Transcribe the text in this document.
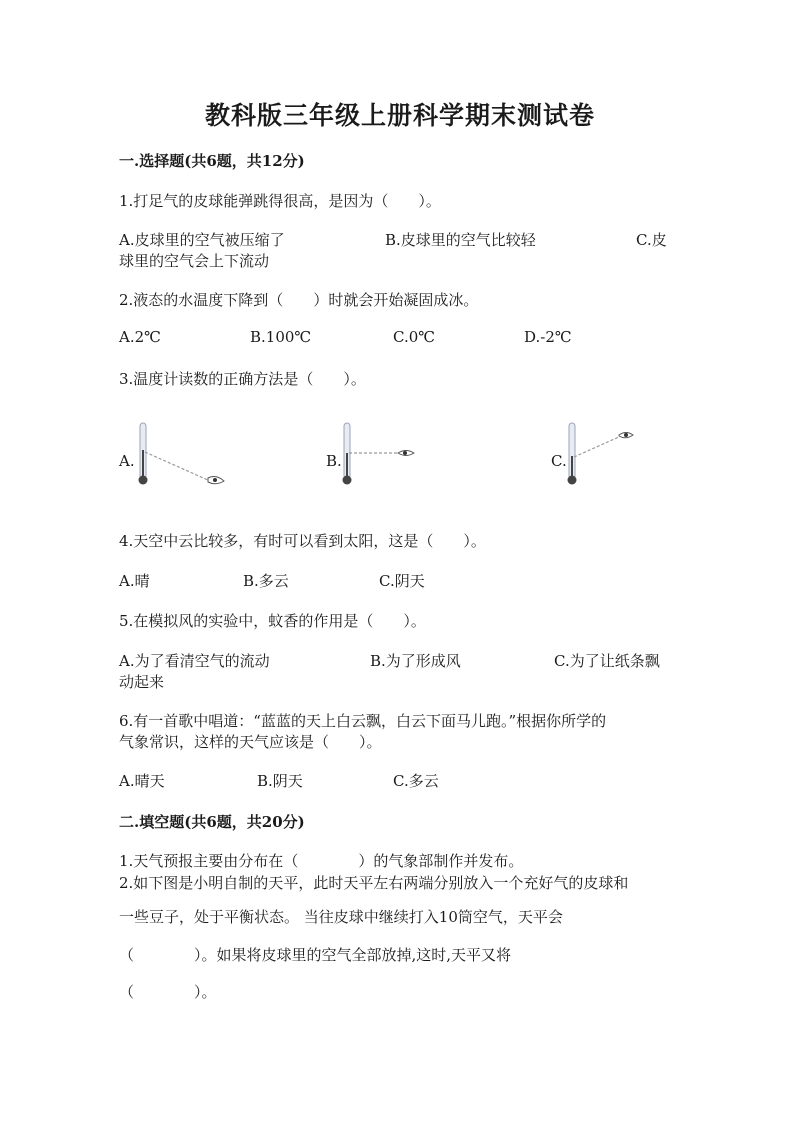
教科版三年级上册科学期末测试卷
一.选择题(共6题，共12分)
1.打足气的皮球能弹跳得很高，是因为（　　）。
A.皮球里的空气被压缩了	B.皮球里的空气比较轻	C.皮
球里的空气会上下流动
2.液态的水温度下降到（　　）时就会开始凝固成冰。
A.2℃	B.100℃	C.0℃	D.-2℃
3.温度计读数的正确方法是（　　）。
A.	B.	C.
4.天空中云比较多，有时可以看到太阳，这是（　　）。
A.晴	B.多云	C.阴天
5.在模拟风的实验中，蚊香的作用是（　　）。
A.为了看清空气的流动	B.为了形成风	C.为了让纸条飘
动起来
6.有一首歌中唱道：“蓝蓝的天上白云飘，白云下面马儿跑。”根据你所学的
气象常识，这样的天气应该是（　　）。
A.晴天	B.阴天	C.多云
二.填空题(共6题，共20分)
1.天气预报主要由分布在（　　　　）的气象部制作并发布。
2.如下图是小明自制的天平，此时天平左右两端分别放入一个充好气的皮球和
一些豆子，处于平衡状态。 当往皮球中继续打入10筒空气，天平会
（　　　　）。如果将皮球里的空气全部放掉,这时,天平又将
（　　　　）。
